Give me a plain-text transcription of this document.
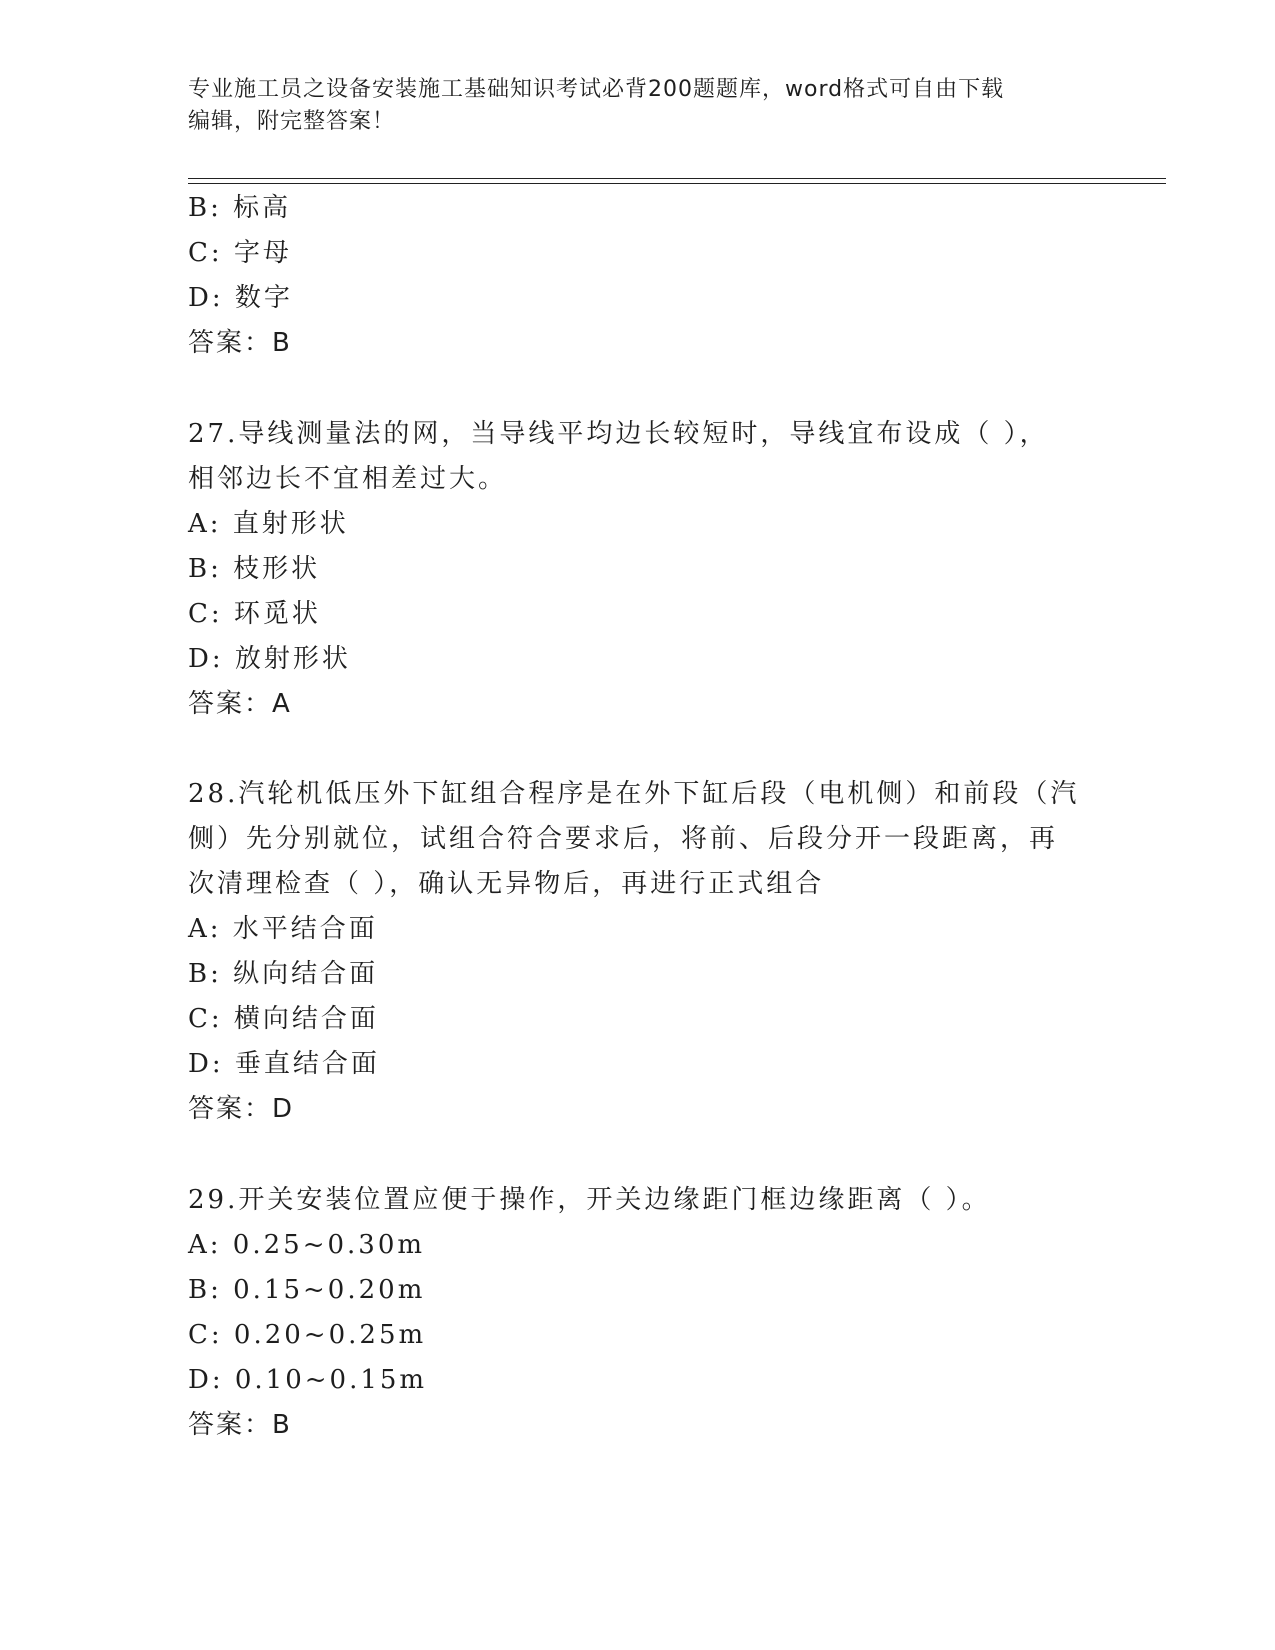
专业施工员之设备安装施工基础知识考试必背200题题库，word格式可自由下载
编辑，附完整答案！
B: 标高
C: 字母
D: 数字
答案：B
27.导线测量法的网，当导线平均边长较短时，导线宜布设成（ ），
相邻边长不宜相差过大。
A: 直射形状
B: 枝形状
C: 环觅状
D: 放射形状
答案：A
28.汽轮机低压外下缸组合程序是在外下缸后段（电机侧）和前段（汽
侧）先分别就位，试组合符合要求后，将前、后段分开一段距离，再
次清理检查（ ），确认无异物后，再进行正式组合
A: 水平结合面
B: 纵向结合面
C: 横向结合面
D: 垂直结合面
答案：D
29.开关安装位置应便于操作，开关边缘距门框边缘距离（ ）。
A: 0.25~0.30m
B: 0.15~0.20m
C: 0.20~0.25m
D: 0.10~0.15m
答案：B
